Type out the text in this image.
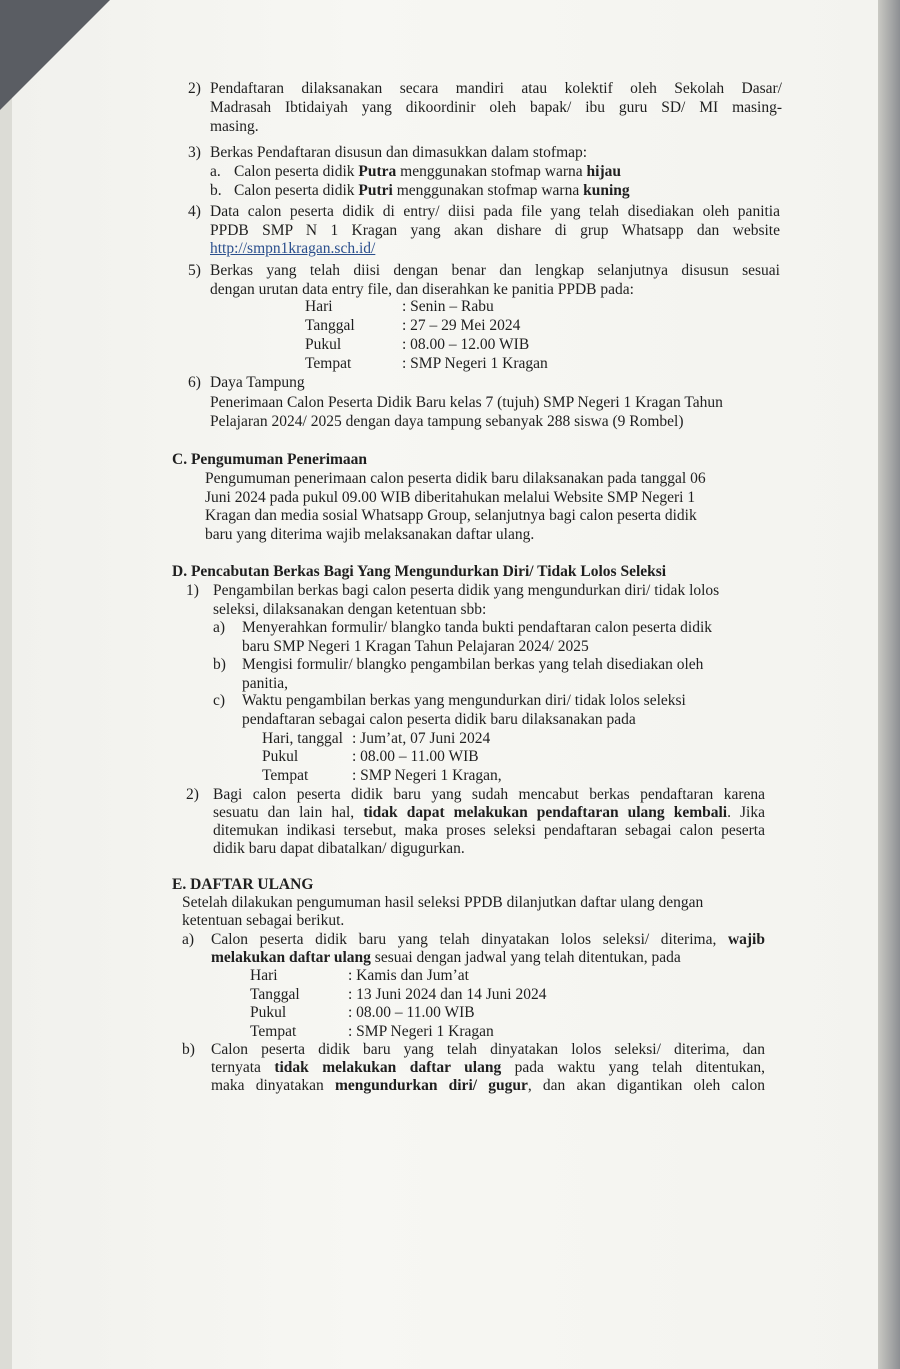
2) Pendaftaran dilaksanakan secara mandiri atau kolektif oleh Sekolah Dasar/
Madrasah Ibtidaiyah yang dikoordinir oleh bapak/ ibu guru SD/ MI masing-
masing.
3) Berkas Pendaftaran disusun dan dimasukkan dalam stofmap:
a. Calon peserta didik Putra menggunakan stofmap warna hijau
b. Calon peserta didik Putri menggunakan stofmap warna kuning
4) Data calon peserta didik di entry/ diisi pada file yang telah disediakan oleh panitia
PPDB SMP N 1 Kragan yang akan dishare di grup Whatsapp dan website
http://smpn1kragan.sch.id/
5) Berkas yang telah diisi dengan benar dan lengkap selanjutnya disusun sesuai
dengan urutan data entry file, dan diserahkan ke panitia PPDB pada:
Hari	: Senin – Rabu
Tanggal	: 27 – 29 Mei 2024
Pukul	: 08.00 – 12.00 WIB
Tempat	: SMP Negeri 1 Kragan
6) Daya Tampung
Penerimaan Calon Peserta Didik Baru kelas 7 (tujuh) SMP Negeri 1 Kragan Tahun
Pelajaran 2024/ 2025 dengan daya tampung sebanyak 288 siswa (9 Rombel)
C. Pengumuman Penerimaan
Pengumuman penerimaan calon peserta didik baru dilaksanakan pada tanggal 06
Juni 2024 pada pukul 09.00 WIB diberitahukan melalui Website SMP Negeri 1
Kragan dan media sosial Whatsapp Group, selanjutnya bagi calon peserta didik
baru yang diterima wajib melaksanakan daftar ulang.
D. Pencabutan Berkas Bagi Yang Mengundurkan Diri/ Tidak Lolos Seleksi
1) Pengambilan berkas bagi calon peserta didik yang mengundurkan diri/ tidak lolos
seleksi, dilaksanakan dengan ketentuan sbb:
a) Menyerahkan formulir/ blangko tanda bukti pendaftaran calon peserta didik
baru SMP Negeri 1 Kragan Tahun Pelajaran 2024/ 2025
b) Mengisi formulir/ blangko pengambilan berkas yang telah disediakan oleh
panitia,
c) Waktu pengambilan berkas yang mengundurkan diri/ tidak lolos seleksi
pendaftaran sebagai calon peserta didik baru dilaksanakan pada
Hari, tanggal : Jum’at, 07 Juni 2024
Pukul	: 08.00 – 11.00 WIB
Tempat	: SMP Negeri 1 Kragan,
2) Bagi calon peserta didik baru yang sudah mencabut berkas pendaftaran karena
sesuatu dan lain hal, tidak dapat melakukan pendaftaran ulang kembali. Jika
ditemukan indikasi tersebut, maka proses seleksi pendaftaran sebagai calon peserta
didik baru dapat dibatalkan/ digugurkan.
E. DAFTAR ULANG
Setelah dilakukan pengumuman hasil seleksi PPDB dilanjutkan daftar ulang dengan
ketentuan sebagai berikut.
a) Calon peserta didik baru yang telah dinyatakan lolos seleksi/ diterima, wajib
melakukan daftar ulang sesuai dengan jadwal yang telah ditentukan, pada
Hari	: Kamis dan Jum’at
Tanggal	: 13 Juni 2024 dan 14 Juni 2024
Pukul	: 08.00 – 11.00 WIB
Tempat	: SMP Negeri 1 Kragan
b) Calon peserta didik baru yang telah dinyatakan lolos seleksi/ diterima, dan
ternyata tidak melakukan daftar ulang pada waktu yang telah ditentukan,
maka dinyatakan mengundurkan diri/ gugur, dan akan digantikan oleh calon
